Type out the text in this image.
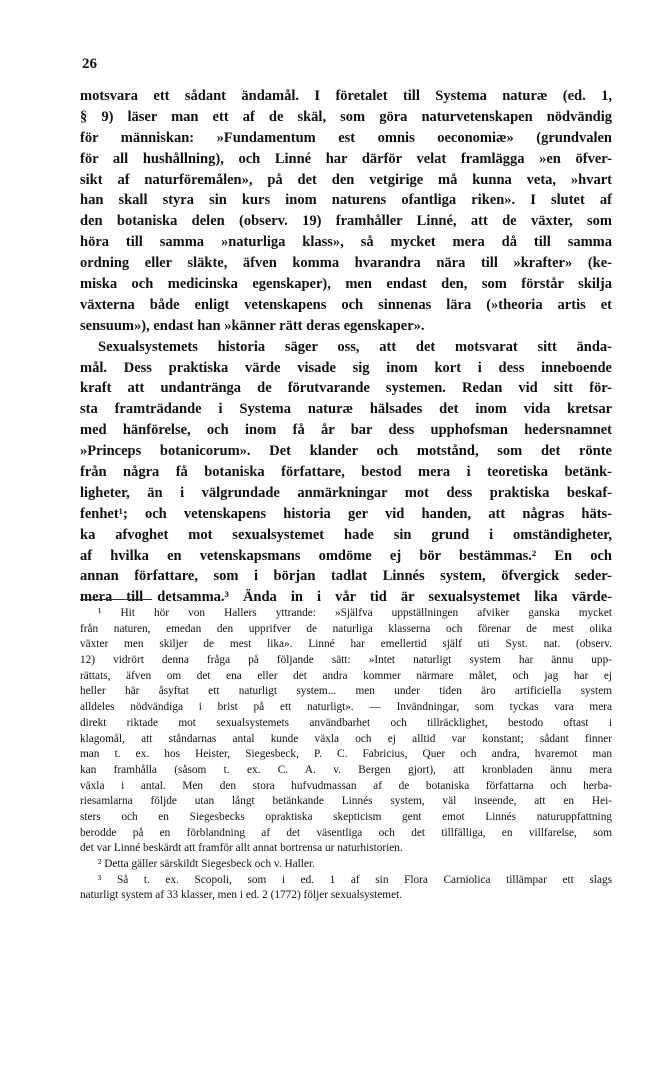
26
motsvara ett sådant ändamål. I företalet till Systema naturæ (ed. 1,
§ 9) läser man ett af de skäl, som göra naturvetenskapen nödvändig
för människan: »Fundamentum est omnis oeconomiæ» (grundvalen
för all hushållning), och Linné har därför velat framlägga »en öfver-
sikt af naturföremålen», på det den vetgirige må kunna veta, »hvart
han skall styra sin kurs inom naturens ofantliga riken». I slutet af
den botaniska delen (observ. 19) framhåller Linné, att de växter, som
höra till samma »naturliga klass», så mycket mera då till samma
ordning eller släkte, äfven komma hvarandra nära till »krafter» (ke-
miska och medicinska egenskaper), men endast den, som förstår skilja
växterna både enligt vetenskapens och sinnenas lära (»theoria artis et
sensuum»), endast han »känner rätt deras egenskaper».
Sexualsystemets historia säger oss, att det motsvarat sitt ända-
mål. Dess praktiska värde visade sig inom kort i dess inneboende
kraft att undantränga de förutvarande systemen. Redan vid sitt för-
sta framträdande i Systema naturæ hälsades det inom vida kretsar
med hänförelse, och inom få år bar dess upphofsman hedersnamnet
»Princeps botanicorum». Det klander och motstånd, som det rönte
från några få botaniska författare, bestod mera i teoretiska betänk-
ligheter, än i välgrundade anmärkningar mot dess praktiska beskaf-
fenhet¹; och vetenskapens historia ger vid handen, att någras häts-
ka afvoghet mot sexualsystemet hade sin grund i omständigheter,
af hvilka en vetenskapsmans omdöme ej bör bestämmas.² En och
annan författare, som i början tadlat Linnés system, öfvergick seder-
mera till detsamma.³ Ända in i vår tid är sexualsystemet lika värde-
¹ Hit hör von Hallers yttrande: »Själfva uppställningen afviker ganska mycket
från naturen, emedan den upprifver de naturliga klasserna och förenar de mest olika
växter men skiljer de mest lika». Linné har emellertid själf uti Syst. nat. (observ.
12) vidrört denna fråga på följande sätt: »Intet naturligt system har ännu upp-
rättats, äfven om det ena eller det andra kommer närmare målet, och jag har ej
heller här åsyftat ett naturligt system... men under tiden äro artificiella system
alldeles nödvändiga i brist på ett naturligt». — Invändningar, som tyckas vara mera
direkt riktade mot sexualsystemets användbarhet och tillräcklighet, bestodo oftast i
klagomål, att ståndarnas antal kunde växla och ej alltid var konstant; sådant finner
man t. ex. hos Heister, Siegesbeck, P. C. Fabricius, Quer och andra, hvaremot man
kan framhålla (såsom t. ex. C. A. v. Bergen gjort), att kronbladen ännu mera
växla i antal. Men den stora hufvudmassan af de botaniska författarna och herba-
riesamlarna följde utan långt betänkande Linnés system, väl inseende, att en Hei-
sters och en Siegesbecks opraktiska skepticism gent emot Linnés naturuppfattning
berodde på en förblandning af det väsentliga och det tillfälliga, en villfarelse, som
det var Linné beskärdt att framför allt annat bortrensa ur naturhistorien.
² Detta gäller särskildt Siegesbeck och v. Haller.
³ Så t. ex. Scopoli, som i ed. 1 af sin Flora Carniolica tillämpar ett slags
naturligt system af 33 klasser, men i ed. 2 (1772) följer sexualsystemet.
